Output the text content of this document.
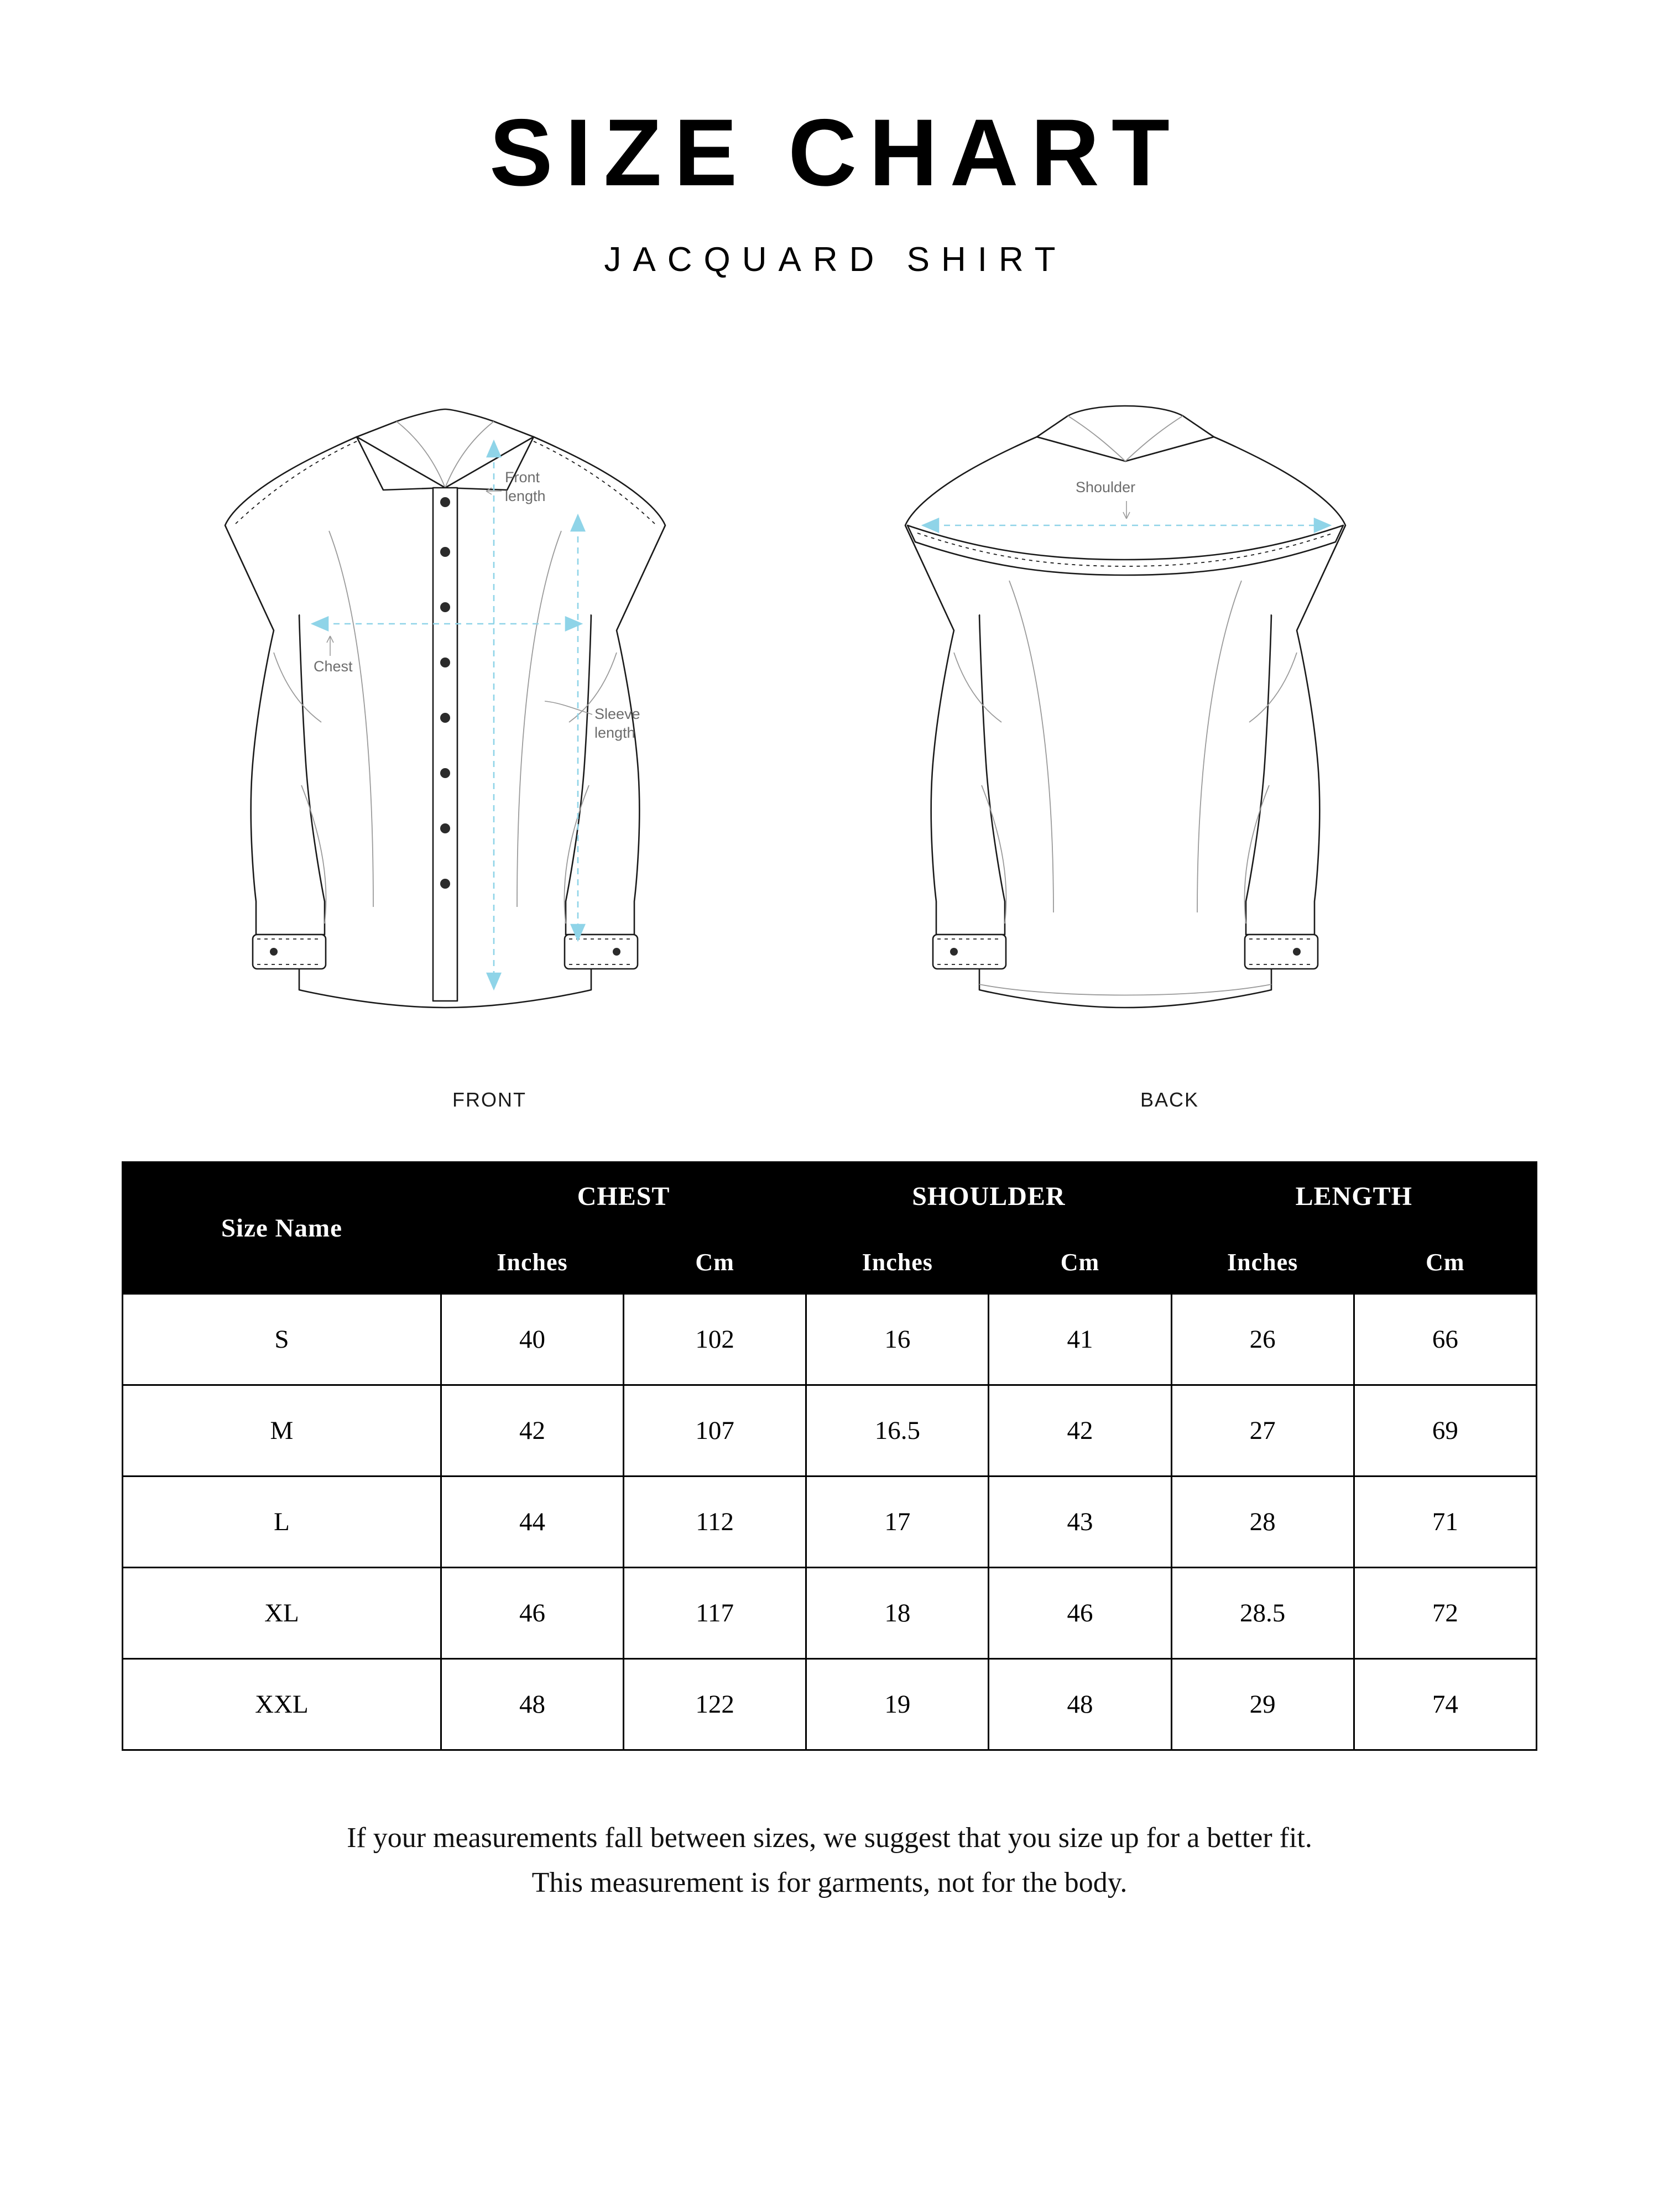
SIZE CHART
JACQUARD SHIRT
Front
length
Chest
Sleeve
length
FRONT
Shoulder
BACK
Size Name	CHEST		SHOULDER		LENGTH	
	Inches	Cm	Inches	Cm	Inches	Cm
S	40	102	16	41	26	66
M	42	107	16.5	42	27	69
L	44	112	17	43	28	71
XL	46	117	18	46	28.5	72
XXL	48	122	19	48	29	74
If your measurements fall between sizes, we suggest that you size up for a better fit.
This measurement is for garments, not for the body.
